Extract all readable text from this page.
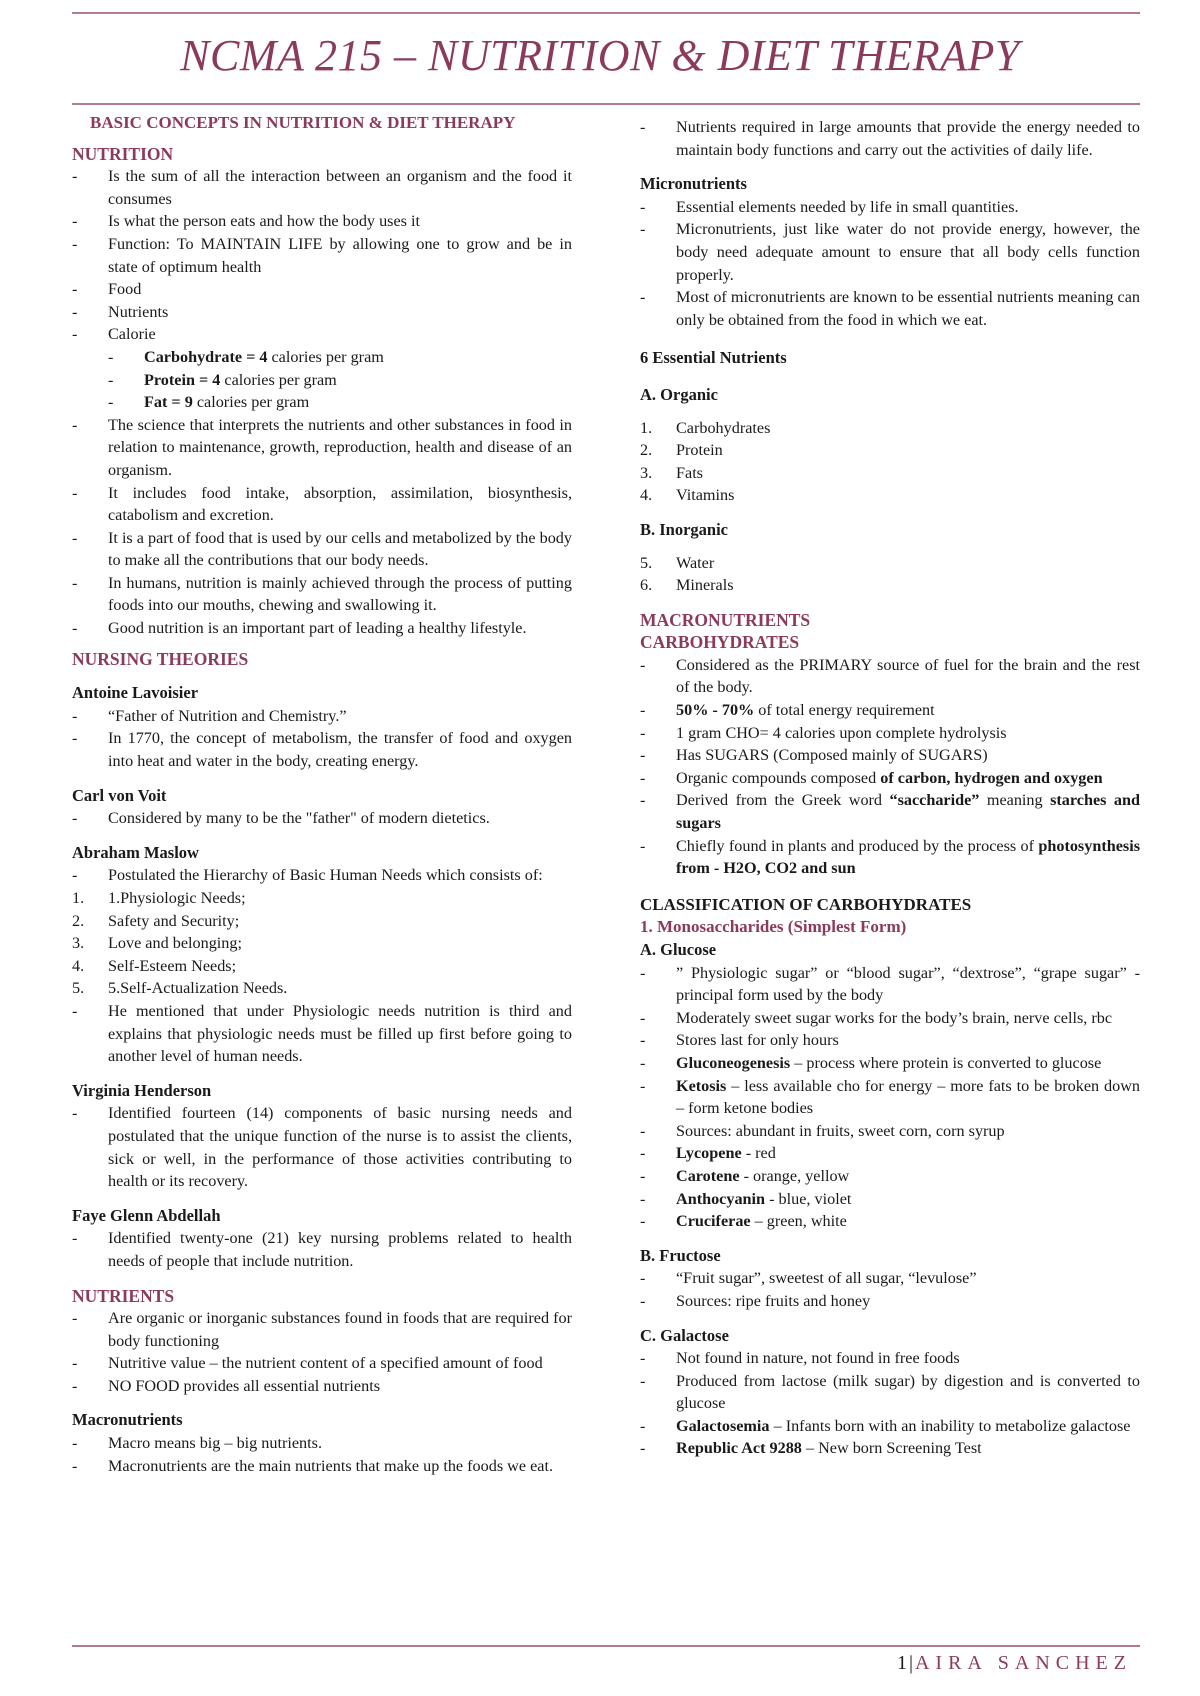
NCMA 215 – NUTRITION & DIET THERAPY
BASIC CONCEPTS IN NUTRITION & DIET THERAPY
NUTRITION
-	Is the sum of all the interaction between an organism and the food it consumes
-	Is what the person eats and how the body uses it
-	Function: To MAINTAIN LIFE by allowing one to grow and be in state of optimum health
-	Food
-	Nutrients
-	Calorie
-	Carbohydrate = 4 calories per gram
-	Protein = 4 calories per gram
-	Fat = 9 calories per gram
-	The science that interprets the nutrients and other substances in food in relation to maintenance, growth, reproduction, health and disease of an organism.
-	It includes food intake, absorption, assimilation, biosynthesis, catabolism and excretion.
-	It is a part of food that is used by our cells and metabolized by the body to make all the contributions that our body needs.
-	In humans, nutrition is mainly achieved through the process of putting foods into our mouths, chewing and swallowing it.
-	Good nutrition is an important part of leading a healthy lifestyle.
NURSING THEORIES
Antoine Lavoisier
-	“Father of Nutrition and Chemistry.”
-	In 1770, the concept of metabolism, the transfer of food and oxygen into heat and water in the body, creating energy.
Carl von Voit
-	Considered by many to be the "father" of modern dietetics.
Abraham Maslow
-	Postulated the Hierarchy of Basic Human Needs which consists of:
1.	1.Physiologic Needs;
2.	Safety and Security;
3.	Love and belonging;
4.	Self-Esteem Needs;
5.	5.Self-Actualization Needs.
-	He mentioned that under Physiologic needs nutrition is third and explains that physiologic needs must be filled up first before going to another level of human needs.
Virginia Henderson
-	Identified fourteen (14) components of basic nursing needs and postulated that the unique function of the nurse is to assist the clients, sick or well, in the performance of those activities contributing to health or its recovery.
Faye Glenn Abdellah
-	Identified twenty-one (21) key nursing problems related to health needs of people that include nutrition.
NUTRIENTS
-	Are organic or inorganic substances found in foods that are required for body functioning
-	Nutritive value – the nutrient content of a specified amount of food
-	NO FOOD provides all essential nutrients
Macronutrients
-	Macro means big – big nutrients.
-	Macronutrients are the main nutrients that make up the foods we eat.
-	Nutrients required in large amounts that provide the energy needed to maintain body functions and carry out the activities of daily life.
Micronutrients
-	Essential elements needed by life in small quantities.
-	Micronutrients, just like water do not provide energy, however, the body need adequate amount to ensure that all body cells function properly.
-	Most of micronutrients are known to be essential nutrients meaning can only be obtained from the food in which we eat.
6 Essential Nutrients
A. Organic
1.	Carbohydrates
2.	Protein
3.	Fats
4.	Vitamins
B. Inorganic
5.	Water
6.	Minerals
MACRONUTRIENTS
CARBOHYDRATES
-	Considered as the PRIMARY source of fuel for the brain and the rest of the body.
-	50% - 70% of total energy requirement
-	1 gram CHO= 4 calories upon complete hydrolysis
-	Has SUGARS (Composed mainly of SUGARS)
-	Organic compounds composed of carbon, hydrogen and oxygen
-	Derived from the Greek word “saccharide” meaning starches and sugars
-	Chiefly found in plants and produced by the process of photosynthesis from - H2O, CO2 and sun
CLASSIFICATION OF CARBOHYDRATES
1. Monosaccharides (Simplest Form)
A. Glucose
-	” Physiologic sugar” or “blood sugar”, “dextrose”, “grape sugar” - principal form used by the body
-	Moderately sweet sugar works for the body’s brain, nerve cells, rbc
-	Stores last for only hours
-	Gluconeogenesis – process where protein is converted to glucose
-	Ketosis – less available cho for energy – more fats to be broken down – form ketone bodies
-	Sources: abundant in fruits, sweet corn, corn syrup
-	Lycopene - red
-	Carotene - orange, yellow
-	Anthocyanin - blue, violet
-	Cruciferae – green, white
B. Fructose
-	“Fruit sugar”, sweetest of all sugar, “levulose”
-	Sources: ripe fruits and honey
C. Galactose
-	Not found in nature, not found in free foods
-	Produced from lactose (milk sugar) by digestion and is converted to glucose
-	Galactosemia – Infants born with an inability to metabolize galactose
-	Republic Act 9288 – New born Screening Test
1|AIRA SANCHEZ
